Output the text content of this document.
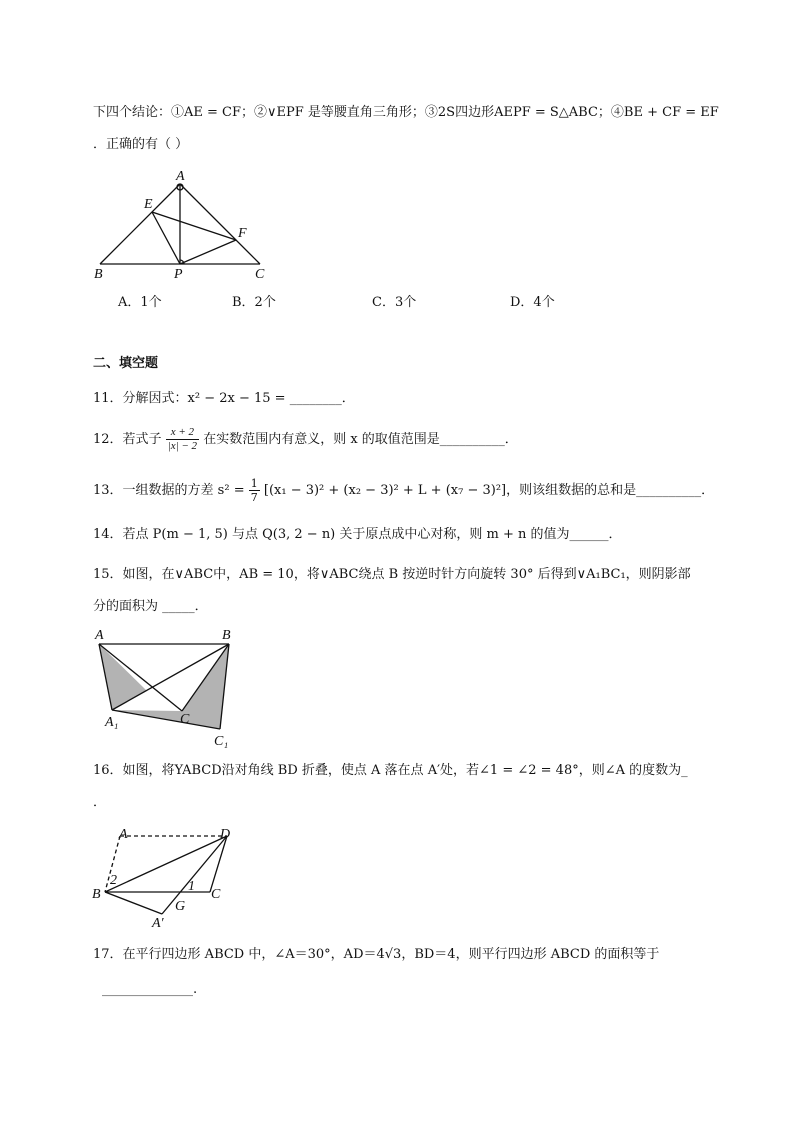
下四个结论：①AE = CF；②∨EPF 是等腰直角三角形；③2S四边形AEPF = S△ABC；④BE + CF = EF
．正确的有（ ）
A
E
F
B	P	C
A．1个	B．2个	C．3个	D．4个
二、填空题
11．分解因式：x² − 2x − 15 = ________．
12．若式子 $\frac{x + 2}{|x| - 2}$ 在实数范围内有意义，则 x 的取值范围是__________．
13．一组数据的方差 $s^2 = \frac{1}{7} [(x_1 - 3)^2 + (x_2 - 3)^2 + L + (x_7 - 3)^2]$，则该组数据的总和是__________．
14．若点 P(m − 1, 5) 与点 Q(3, 2 − n) 关于原点成中心对称，则 m + n 的值为______．
15．如图，在∨ABC中，AB = 10，将∨ABC绕点 B 按逆时针方向旋转 30° 后得到∨A₁BC₁，则阴影部
分的面积为 _____．
A	B
A₁	C
C₁
16．如图，将YABCD沿对角线 BD 折叠，使点 A 落在点 A′处，若∠1 = ∠2 = 48°，则∠A 的度数为_
．
A	D
B
2	1
C
G
A′
17．在平行四边形 ABCD 中，∠A＝30°，AD＝4√3，BD＝4，则平行四边形 ABCD 的面积等于
______________.
